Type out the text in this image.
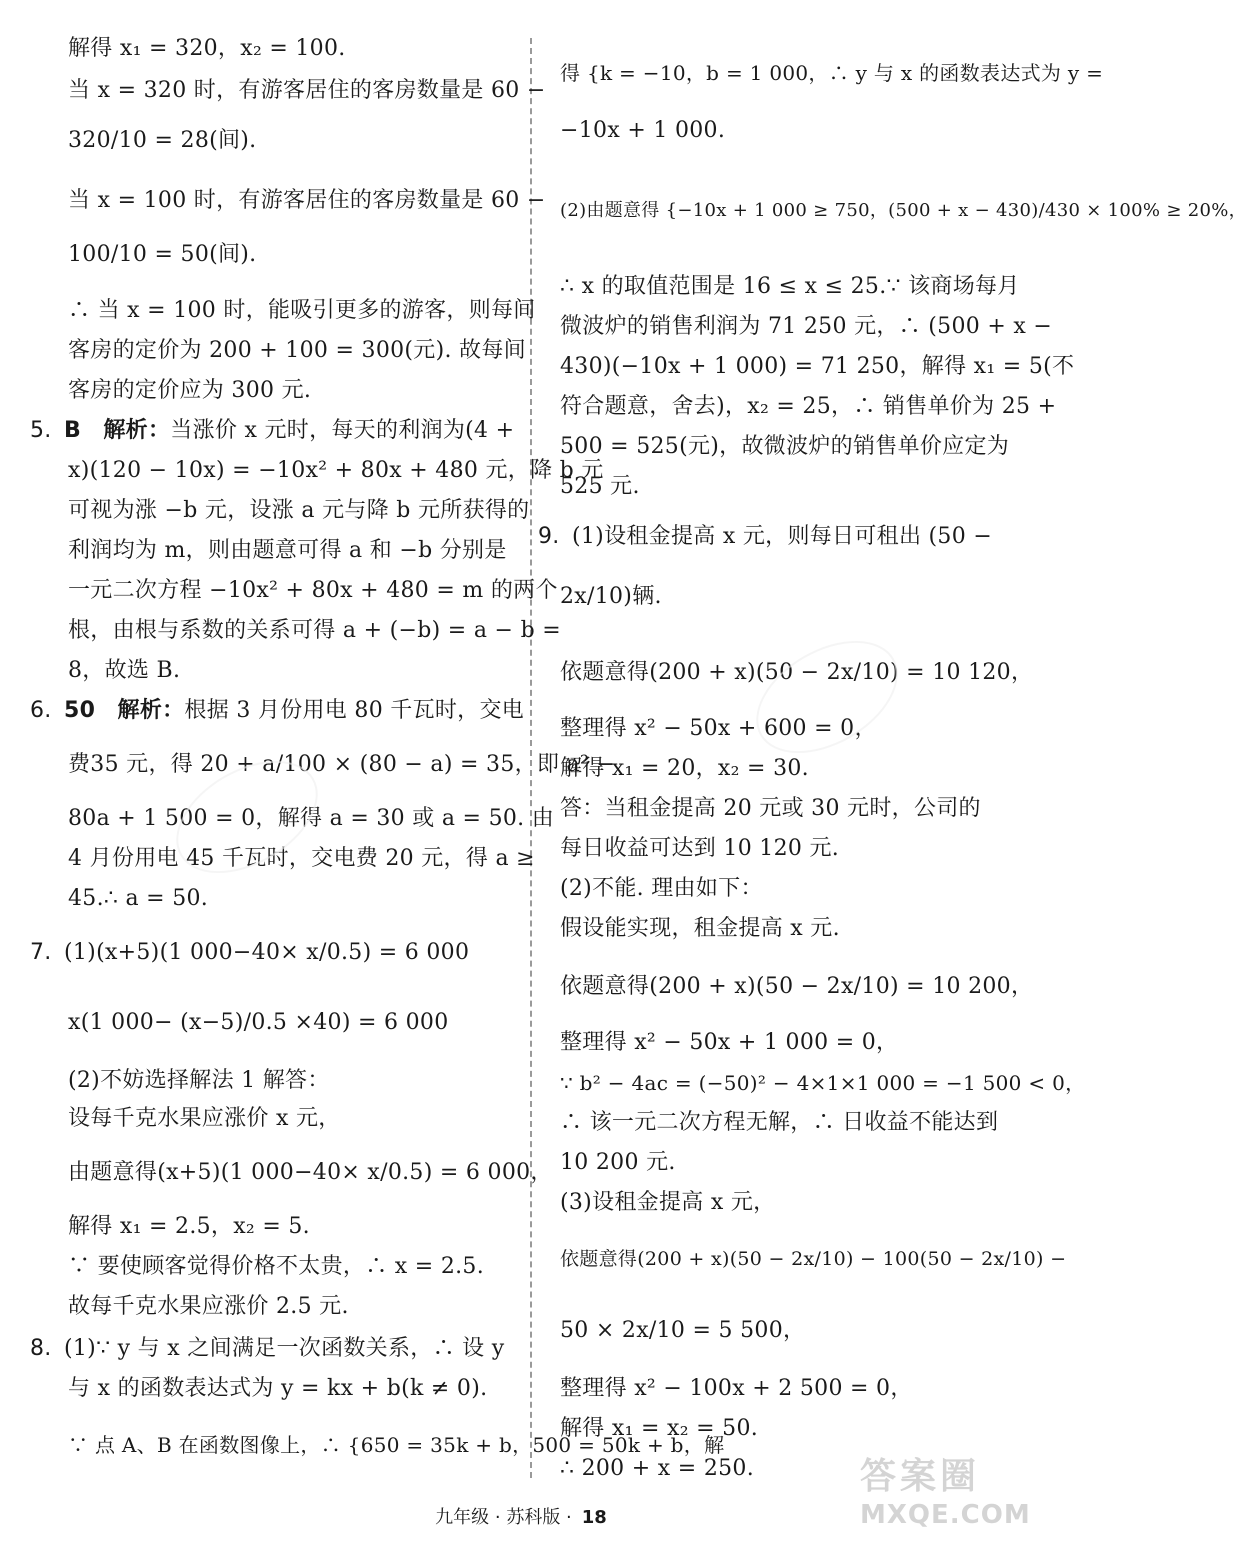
解得 x₁ = 320，x₂ = 100.
当 x = 320 时，有游客居住的客房数量是 60 −
320/10 = 28(间).
当 x = 100 时，有游客居住的客房数量是 60 −
100/10 = 50(间).
∴ 当 x = 100 时，能吸引更多的游客，则每间
客房的定价为 200 + 100 = 300(元). 故每间
客房的定价应为 300 元.
5. B　解析：当涨价 x 元时，每天的利润为(4 +
x)(120 − 10x) = −10x² + 80x + 480 元，降 b 元
可视为涨 −b 元，设涨 a 元与降 b 元所获得的
利润均为 m，则由题意可得 a 和 −b 分别是
一元二次方程 −10x² + 80x + 480 = m 的两个
根，由根与系数的关系可得 a + (−b) = a − b =
8，故选 B.
6. 50　解析：根据 3 月份用电 80 千瓦时，交电
费35 元，得 20 + a/100 × (80 − a) = 35，即 a² −
80a + 1 500 = 0，解得 a = 30 或 a = 50. 由
4 月份用电 45 千瓦时，交电费 20 元，得 a ≥
45.∴ a = 50.
7. (1)(x+5)(1 000−40× x/0.5) = 6 000
x(1 000− (x−5)/0.5 ×40) = 6 000
(2)不妨选择解法 1 解答：
设每千克水果应涨价 x 元，
由题意得(x+5)(1 000−40× x/0.5) = 6 000，
解得 x₁ = 2.5，x₂ = 5.
∵ 要使顾客觉得价格不太贵，∴ x = 2.5.
故每千克水果应涨价 2.5 元.
8. (1)∵ y 与 x 之间满足一次函数关系，∴ 设 y
与 x 的函数表达式为 y = kx + b(k ≠ 0).
∵ 点 A、B 在函数图像上，∴ {650 = 35k + b，500 = 50k + b，解
得 {k = −10，b = 1 000，∴ y 与 x 的函数表达式为 y =
−10x + 1 000.
(2)由题意得 {−10x + 1 000 ≥ 750，(500 + x − 430)/430 × 100% ≥ 20%，
∴ x 的取值范围是 16 ≤ x ≤ 25.∵ 该商场每月
微波炉的销售利润为 71 250 元，∴ (500 + x −
430)(−10x + 1 000) = 71 250，解得 x₁ = 5(不
符合题意，舍去)，x₂ = 25，∴ 销售单价为 25 +
500 = 525(元)，故微波炉的销售单价应定为
525 元.
9. (1)设租金提高 x 元，则每日可租出 (50 −
2x/10)辆.
依题意得(200 + x)(50 − 2x/10) = 10 120，
整理得 x² − 50x + 600 = 0，
解得 x₁ = 20，x₂ = 30.
答：当租金提高 20 元或 30 元时，公司的
每日收益可达到 10 120 元.
(2)不能. 理由如下：
假设能实现，租金提高 x 元.
依题意得(200 + x)(50 − 2x/10) = 10 200，
整理得 x² − 50x + 1 000 = 0，
∵ b² − 4ac = (−50)² − 4×1×1 000 = −1 500 < 0，
∴ 该一元二次方程无解，∴ 日收益不能达到
10 200 元.
(3)设租金提高 x 元，
依题意得(200 + x)(50 − 2x/10) − 100(50 − 2x/10) −
50 × 2x/10 = 5 500，
整理得 x² − 100x + 2 500 = 0，
解得 x₁ = x₂ = 50.
∴ 200 + x = 250.
九年级 · 苏科版 · 18
答案圈
MXQE.COM
